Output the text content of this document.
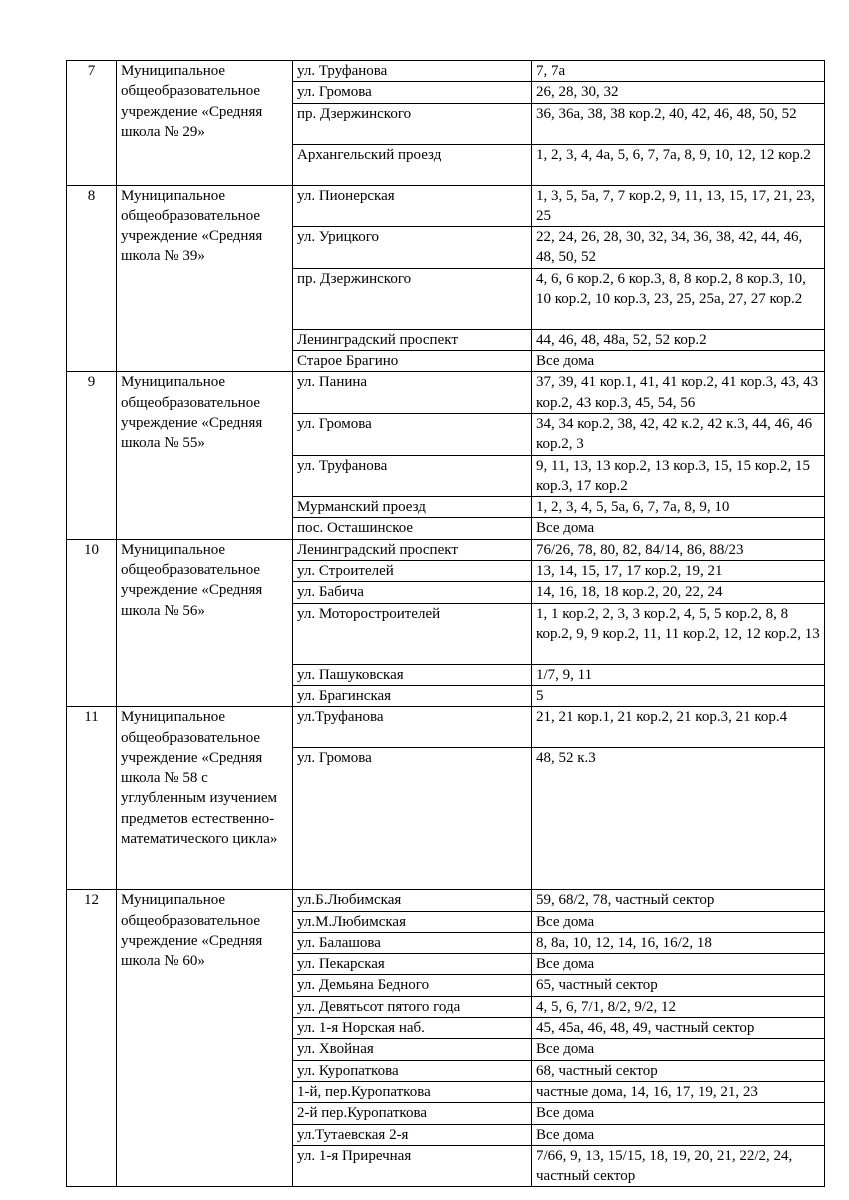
7	Муниципальное общеобразовательное учреждение «Средняя школа № 29»	ул. Труфанова	7, 7а
		ул. Громова	26, 28, 30, 32
		пр. Дзержинского	36, 36а, 38, 38 кор.2, 40, 42, 46, 48, 50, 52
		Архангельский проезд	1, 2, 3, 4, 4а, 5, 6, 7, 7а, 8, 9, 10, 12, 12 кор.2
8	Муниципальное общеобразовательное учреждение «Средняя школа № 39»	ул. Пионерская	1, 3, 5, 5а, 7, 7 кор.2, 9, 11, 13, 15, 17, 21, 23, 25
		ул. Урицкого	22, 24, 26, 28, 30, 32, 34, 36, 38, 42, 44, 46, 48, 50, 52
		пр. Дзержинского	4, 6, 6 кор.2, 6 кор.3, 8, 8 кор.2, 8 кор.3, 10, 10 кор.2, 10 кор.3, 23, 25, 25а, 27, 27 кор.2
		Ленинградский проспект	44, 46, 48, 48а, 52, 52 кор.2
		Старое Брагино	Все дома
9	Муниципальное общеобразовательное учреждение «Средняя школа № 55»	ул. Панина	37, 39, 41 кор.1, 41, 41 кор.2, 41 кор.3, 43, 43 кор.2, 43 кор.3, 45, 54, 56
		ул. Громова	34, 34 кор.2, 38, 42, 42 к.2, 42 к.3, 44, 46, 46 кор.2, 3
		ул. Труфанова	9, 11, 13, 13 кор.2, 13 кор.3, 15, 15 кор.2, 15 кор.3, 17 кор.2
		Мурманский проезд	1, 2, 3, 4, 5, 5а, 6, 7, 7а, 8, 9, 10
		пос. Осташинское	Все дома
10	Муниципальное общеобразовательное учреждение «Средняя школа № 56»	Ленинградский проспект	76/26, 78, 80, 82, 84/14, 86, 88/23
		ул. Строителей	13, 14, 15, 17, 17 кор.2, 19, 21
		ул. Бабича	14, 16, 18, 18 кор.2, 20, 22, 24
		ул. Моторостроителей	1, 1 кор.2, 2, 3, 3 кор.2, 4, 5, 5 кор.2, 8, 8 кор.2, 9, 9 кор.2, 11, 11 кор.2, 12, 12 кор.2, 13
		ул. Пашуковская	1/7, 9, 11
		ул. Брагинская	5
11	Муниципальное общеобразовательное учреждение «Средняя школа № 58 с углубленным изучением предметов естественно-математического цикла»	ул.Труфанова	21, 21 кор.1, 21 кор.2, 21 кор.3, 21 кор.4
		ул. Громова	48, 52 к.3
12	Муниципальное общеобразовательное учреждение «Средняя школа № 60»	ул.Б.Любимская	59, 68/2, 78, частный сектор
		ул.М.Любимская	Все дома
		ул. Балашова	8, 8а, 10, 12, 14, 16, 16/2, 18
		ул. Пекарская	Все дома
		ул. Демьяна Бедного	65, частный сектор
		ул. Девятьсот пятого года	4, 5, 6, 7/1, 8/2, 9/2, 12
		ул. 1-я Норская наб.	45, 45а, 46, 48, 49, частный сектор
		ул. Хвойная	Все дома
		ул. Куропаткова	68, частный сектор
		1-й, пер.Куропаткова	частные дома, 14, 16, 17, 19, 21, 23
		2-й пер.Куропаткова	Все дома
		ул.Тутаевская 2-я	Все дома
		ул. 1-я Приречная	7/66, 9, 13, 15/15, 18, 19, 20, 21, 22/2, 24, частный сектор
